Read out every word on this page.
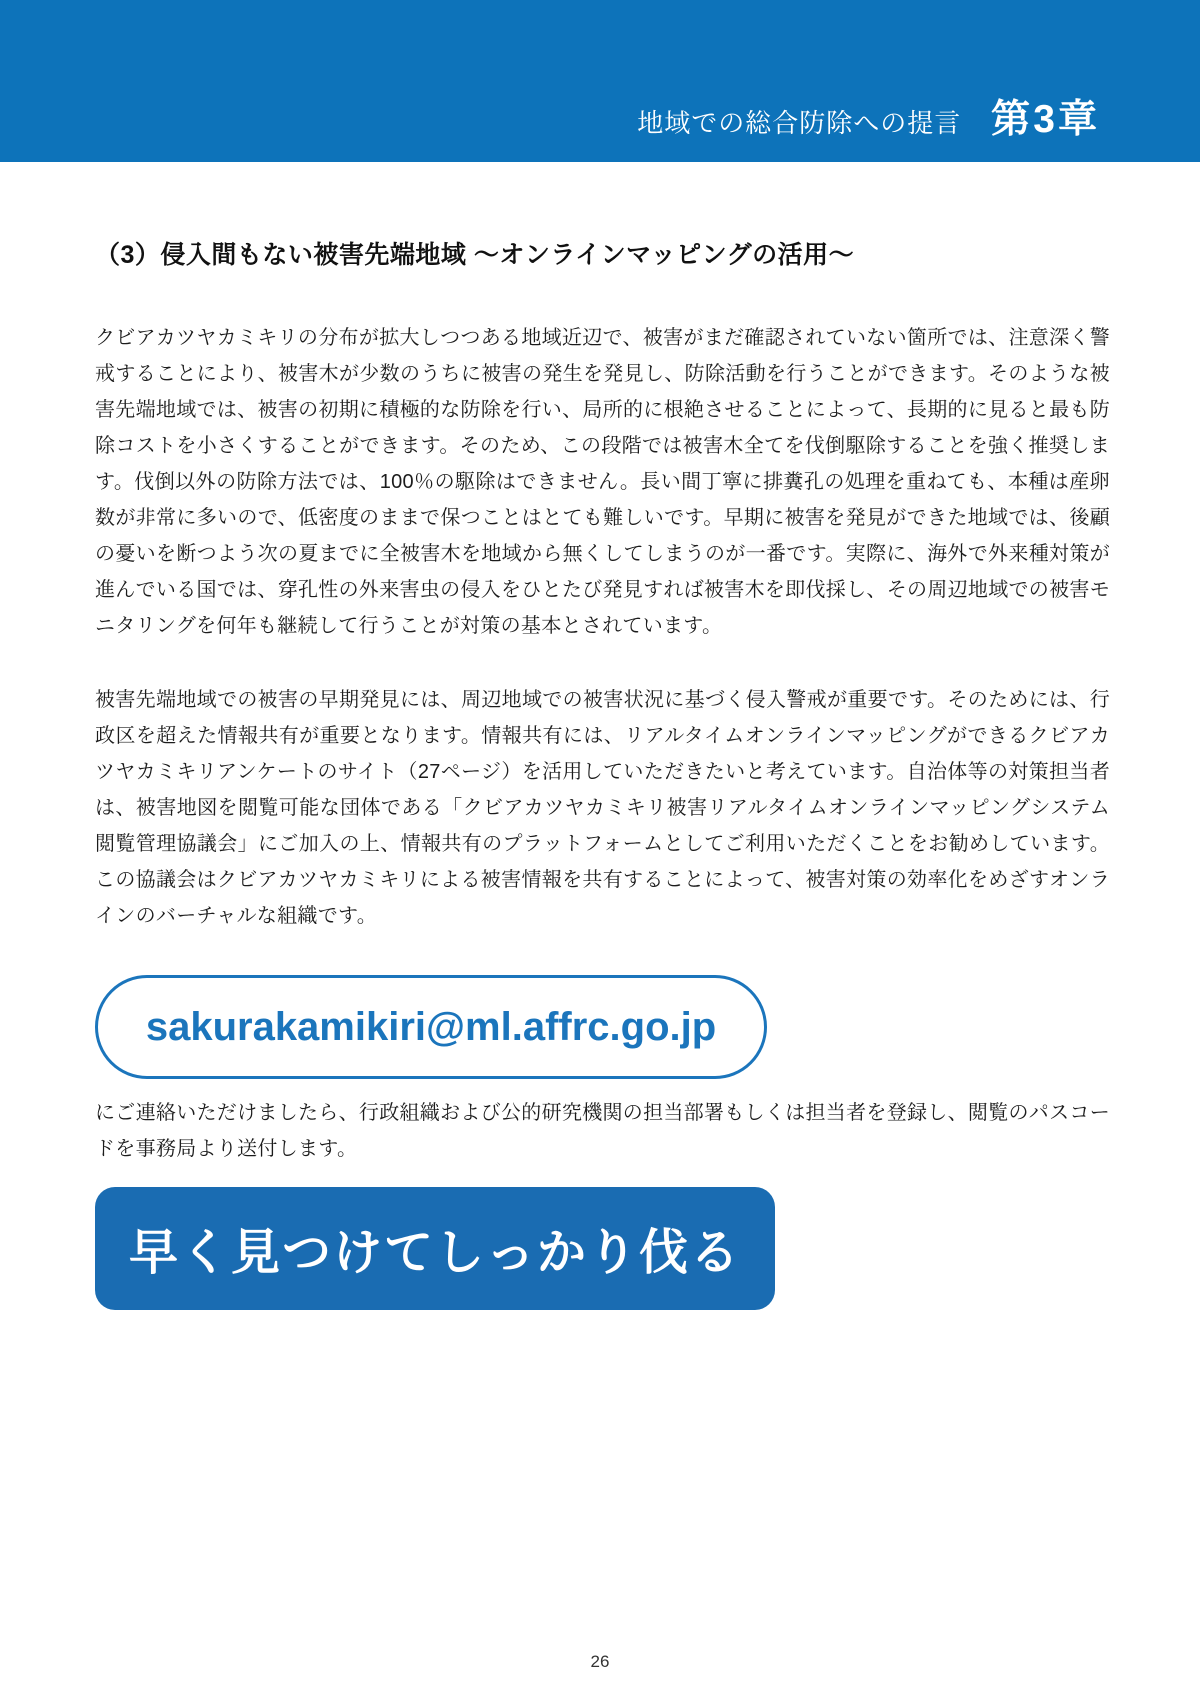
地域での総合防除への提言 第3章
（3）侵入間もない被害先端地域 ～オンラインマッピングの活用～

クビアカツヤカミキリの分布が拡大しつつある地域近辺で、被害がまだ確認されていない箇所では、注意深く警戒することにより、被害木が少数のうちに被害の発生を発見し、防除活動を行うことができます。そのような被害先端地域では、被害の初期に積極的な防除を行い、局所的に根絶させることによって、長期的に見ると最も防除コストを小さくすることができます。そのため、この段階では被害木全てを伐倒駆除することを強く推奨します。伐倒以外の防除方法では、100％の駆除はできません。長い間丁寧に排糞孔の処理を重ねても、本種は産卵数が非常に多いので、低密度のままで保つことはとても難しいです。早期に被害を発見ができた地域では、後顧の憂いを断つよう次の夏までに全被害木を地域から無くしてしまうのが一番です。実際に、海外で外来種対策が進んでいる国では、穿孔性の外来害虫の侵入をひとたび発見すれば被害木を即伐採し、その周辺地域での被害モニタリングを何年も継続して行うことが対策の基本とされています。

被害先端地域での被害の早期発見には、周辺地域での被害状況に基づく侵入警戒が重要です。そのためには、行政区を超えた情報共有が重要となります。情報共有には、リアルタイムオンラインマッピングができるクビアカツヤカミキリアンケートのサイト（27ページ）を活用していただきたいと考えています。自治体等の対策担当者は、被害地図を閲覧可能な団体である「クビアカツヤカミキリ被害リアルタイムオンラインマッピングシステム閲覧管理協議会」にご加入の上、情報共有のプラットフォームとしてご利用いただくことをお勧めしています。この協議会はクビアカツヤカミキリによる被害情報を共有することによって、被害対策の効率化をめざすオンラインのバーチャルな組織です。

sakurakamikiri@ml.affrc.go.jp

にご連絡いただけましたら、行政組織および公的研究機関の担当部署もしくは担当者を登録し、閲覧のパスコードを事務局より送付します。

早く見つけてしっかり伐る
26
